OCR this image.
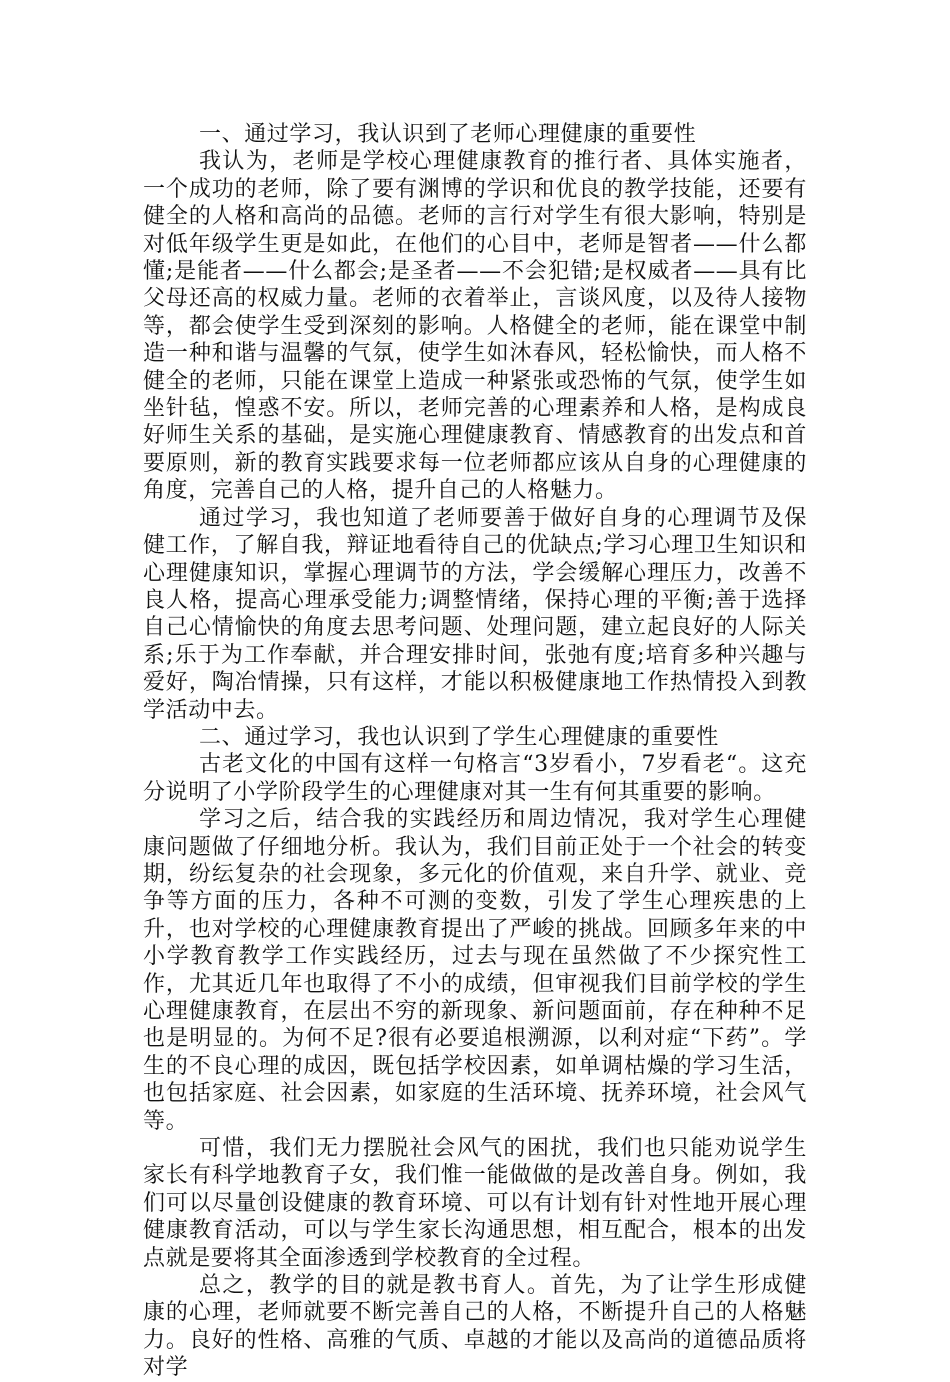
一、通过学习，我认识到了老师心理健康的重要性

我认为，老师是学校心理健康教育的推行者、具体实施者，一个成功的老师，除了要有渊博的学识和优良的教学技能，还要有健全的人格和高尚的品德。老师的言行对学生有很大影响，特别是对低年级学生更是如此，在他们的心目中，老师是智者——什么都懂;是能者——什么都会;是圣者——不会犯错;是权威者——具有比父母还高的权威力量。老师的衣着举止，言谈风度，以及待人接物等，都会使学生受到深刻的影响。人格健全的老师，能在课堂中制造一种和谐与温馨的气氛，使学生如沐春风，轻松愉快，而人格不健全的老师，只能在课堂上造成一种紧张或恐怖的气氛，使学生如坐针毡，惶惑不安。所以，老师完善的心理素养和人格，是构成良好师生关系的基础，是实施心理健康教育、情感教育的出发点和首要原则，新的教育实践要求每一位老师都应该从自身的心理健康的角度，完善自己的人格，提升自己的人格魅力。

通过学习，我也知道了老师要善于做好自身的心理调节及保健工作，了解自我，辩证地看待自己的优缺点;学习心理卫生知识和心理健康知识，掌握心理调节的方法，学会缓解心理压力，改善不良人格，提高心理承受能力;调整情绪，保持心理的平衡;善于选择自己心情愉快的角度去思考问题、处理问题，建立起良好的人际关系;乐于为工作奉献，并合理安排时间，张弛有度;培育多种兴趣与爱好，陶冶情操，只有这样，才能以积极健康地工作热情投入到教学活动中去。

二、通过学习，我也认识到了学生心理健康的重要性

古老文化的中国有这样一句格言“3岁看小，7岁看老“。这充分说明了小学阶段学生的心理健康对其一生有何其重要的影响。

学习之后，结合我的实践经历和周边情况，我对学生心理健康问题做了仔细地分析。我认为，我们目前正处于一个社会的转变期，纷纭复杂的社会现象，多元化的价值观，来自升学、就业、竞争等方面的压力，各种不可测的变数，引发了学生心理疾患的上升，也对学校的心理健康教育提出了严峻的挑战。回顾多年来的中小学教育教学工作实践经历，过去与现在虽然做了不少探究性工作，尤其近几年也取得了不小的成绩，但审视我们目前学校的学生心理健康教育，在层出不穷的新现象、新问题面前，存在种种不足也是明显的。为何不足?很有必要追根溯源，以利对症“下药”。学生的不良心理的成因，既包括学校因素，如单调枯燥的学习生活，也包括家庭、社会因素，如家庭的生活环境、抚养环境，社会风气等。

可惜，我们无力摆脱社会风气的困扰，我们也只能劝说学生家长有科学地教育子女，我们惟一能做做的是改善自身。例如，我们可以尽量创设健康的教育环境、可以有计划有针对性地开展心理健康教育活动，可以与学生家长沟通思想，相互配合，根本的出发点就是要将其全面渗透到学校教育的全过程。

总之，教学的目的就是教书育人。首先，为了让学生形成健康的心理，老师就要不断完善自己的人格，不断提升自己的人格魅力。良好的性格、高雅的气质、卓越的才能以及高尚的道德品质将对学
